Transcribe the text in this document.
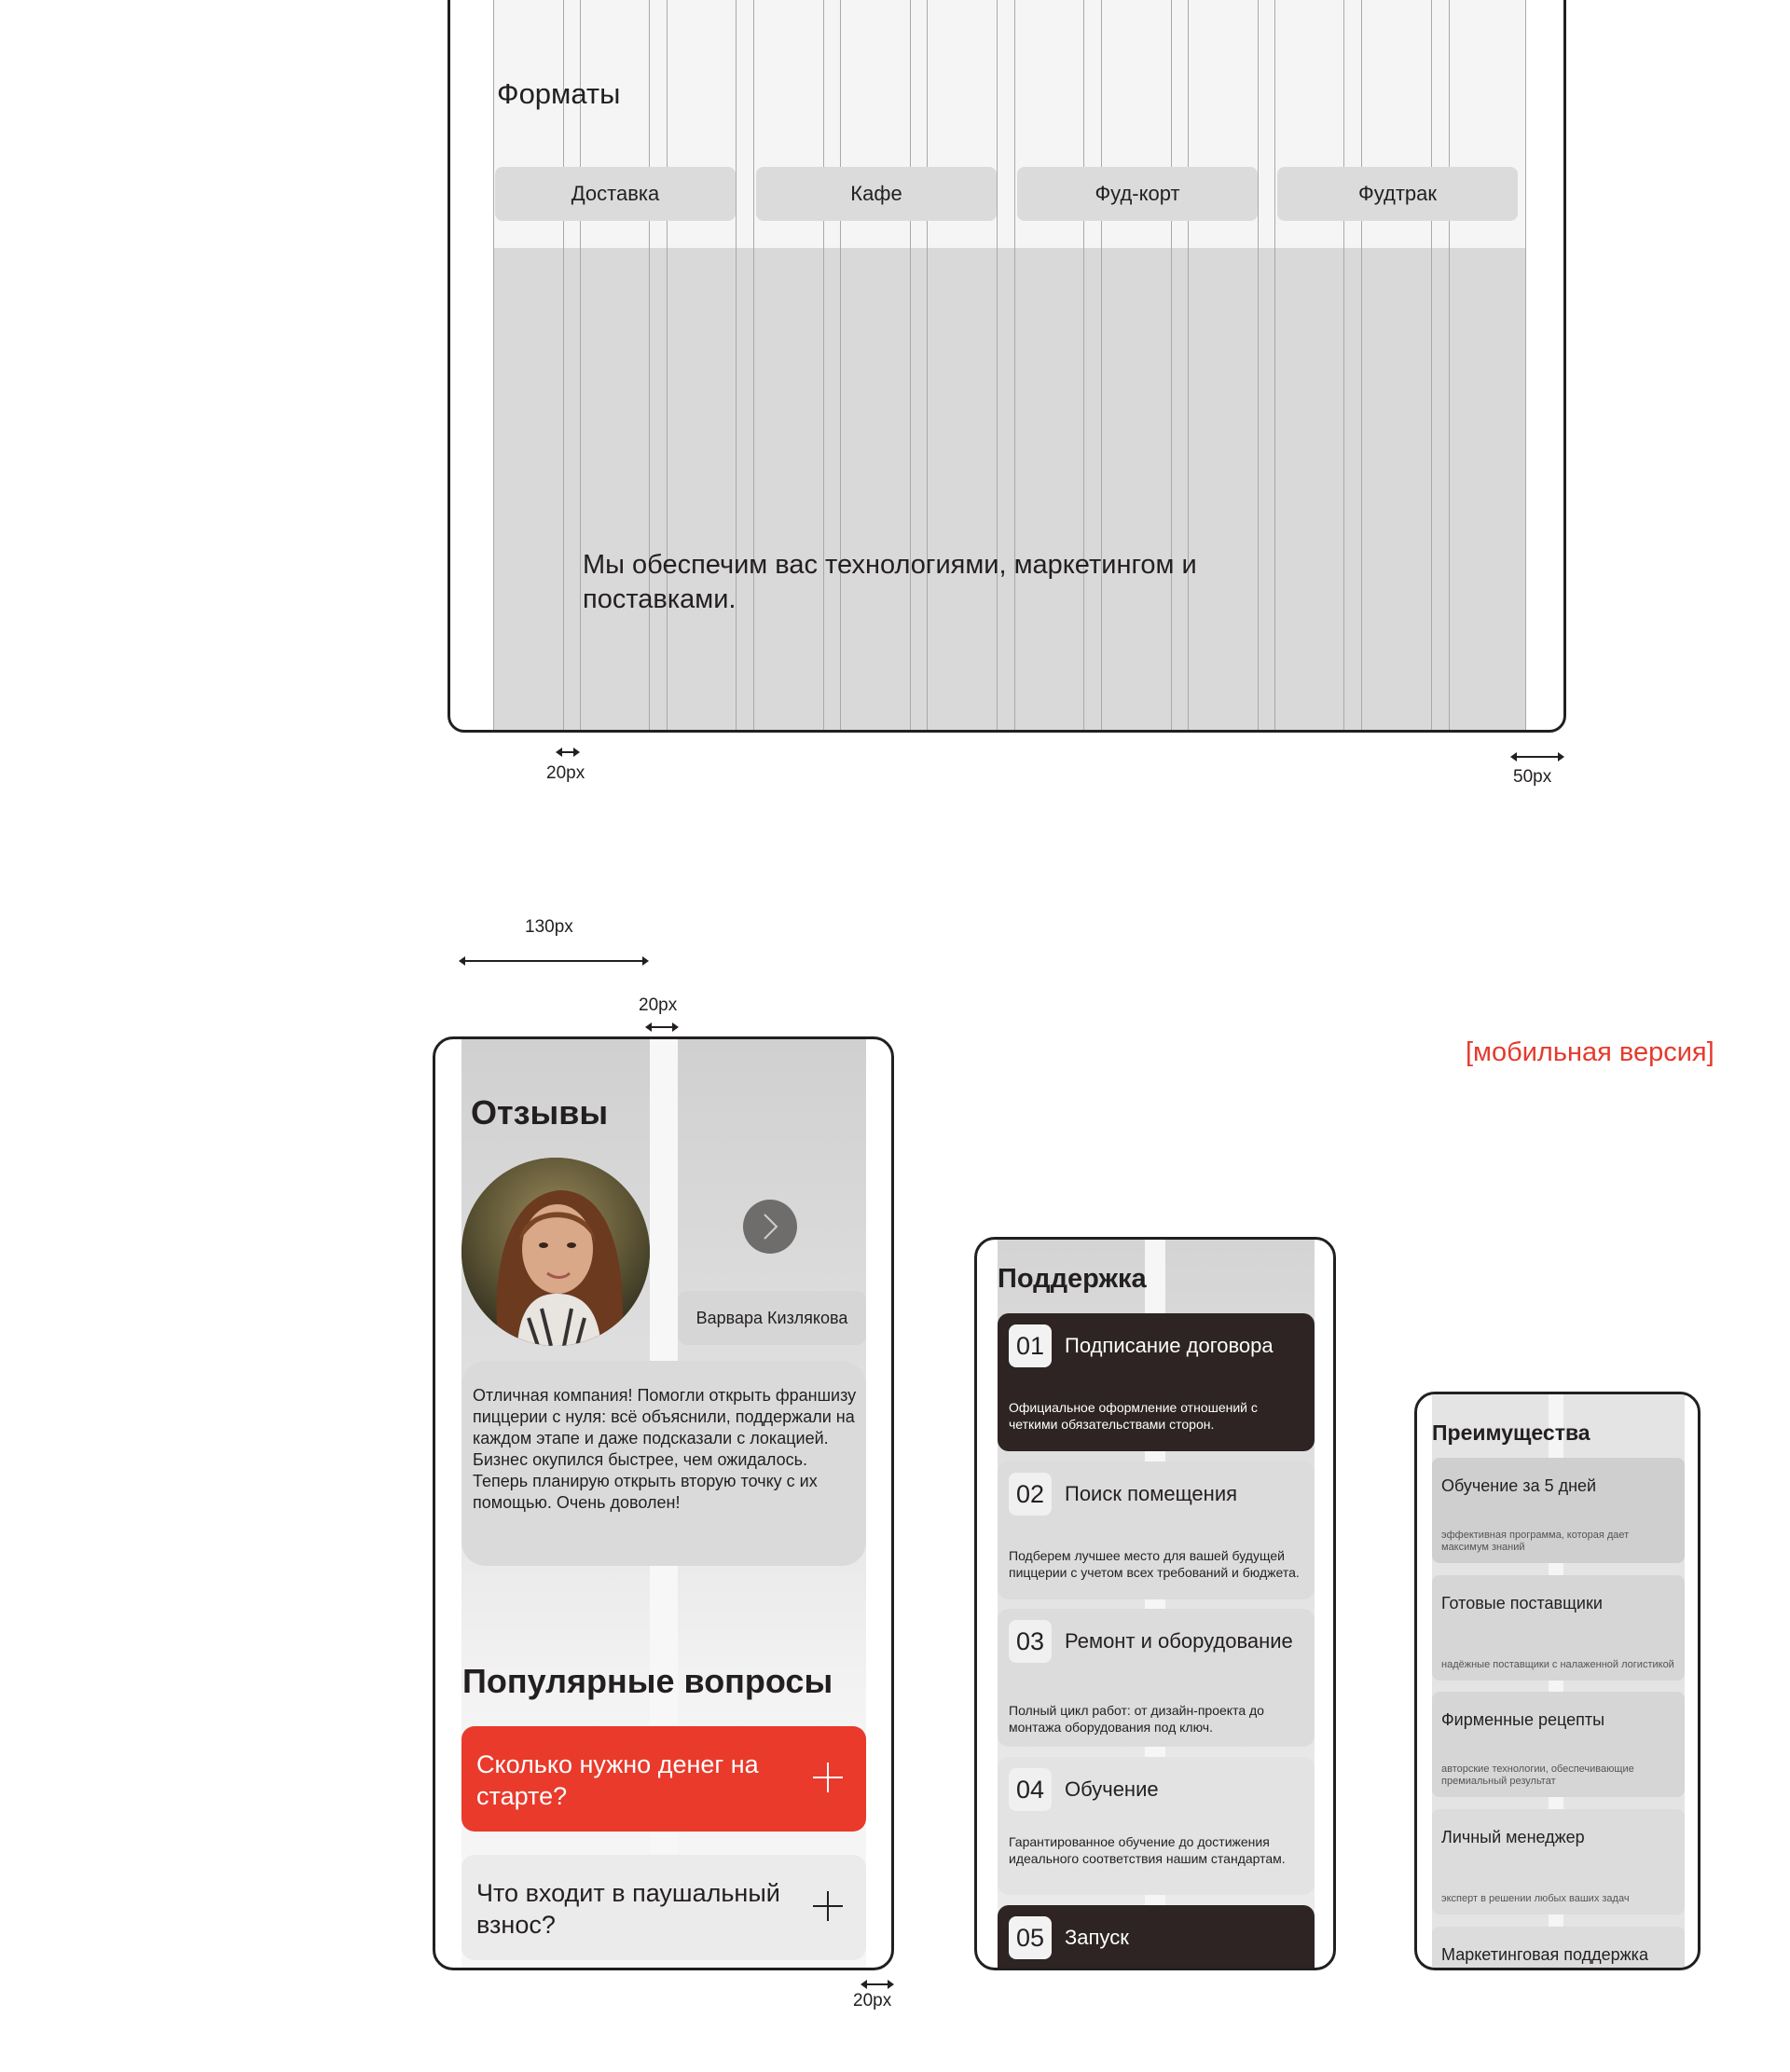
Форматы
Доставка	Кафе	Фуд-корт	Фудтрак
Мы обеспечим вас технологиями, маркетингом и поставками.
20px	50px
130px
20px
20px
[мобильная версия]
Отзывы
Варвара Кизлякова
Отличная компания! Помогли открыть франшизу пиццерии с нуля: всё объяснили, поддержали на каждом этапе и даже подсказали с локацией. Бизнес окупился быстрее, чем ожидалось. Теперь планирую открыть вторую точку с их помощью. Очень доволен!
Популярные вопросы
Сколько нужно денег на старте?
Что входит в паушальный взнос?
Поддержка
01 Подписание договора
Официальное оформление отношений с четкими обязательствами сторон.
02 Поиск помещения
Подберем лучшее место для вашей будущей пиццерии с учетом всех требований и бюджета.
03 Ремонт и оборудование
Полный цикл работ: от дизайн-проекта до монтажа оборудования под ключ.
04 Обучение
Гарантированное обучение до достижения идеального соответствия нашим стандартам.
05 Запуск
Преимущества
Обучение за 5 дней
эффективная программа, которая дает максимум знаний
Готовые поставщики
надёжные поставщики с налаженной логистикой
Фирменные рецепты
авторские технологии, обеспечивающие премиальный результат
Личный менеджер
эксперт в решении любых ваших задач
Маркетинговая поддержка
